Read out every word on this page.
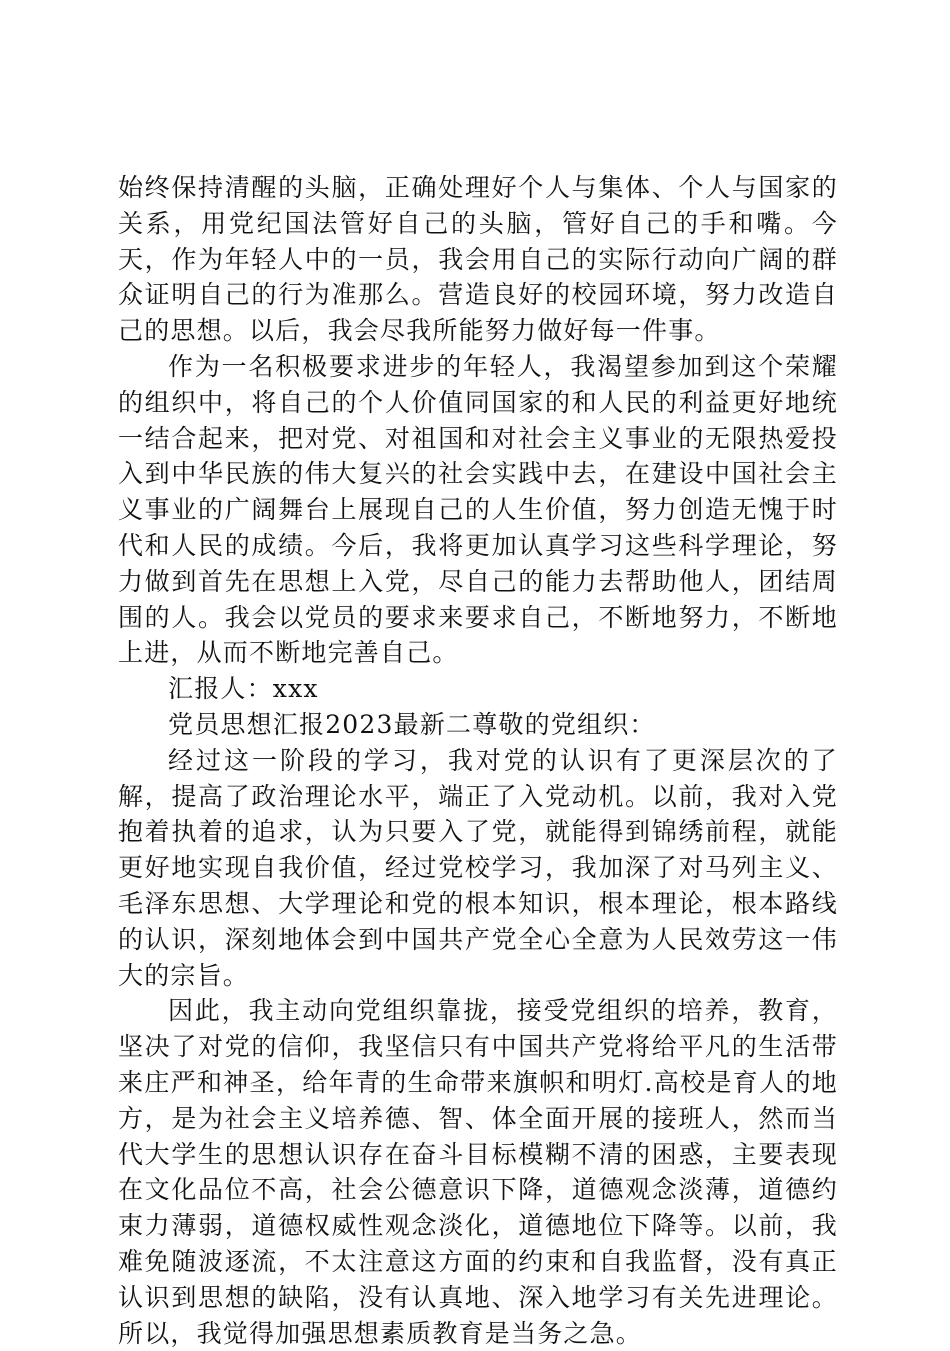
始终保持清醒的头脑，正确处理好个人与集体、个人与国家的关系，用党纪国法管好自己的头脑，管好自己的手和嘴。今天，作为年轻人中的一员，我会用自己的实际行动向广阔的群众证明自己的行为准那么。营造良好的校园环境，努力改造自己的思想。以后，我会尽我所能努力做好每一件事。

作为一名积极要求进步的年轻人，我渴望参加到这个荣耀的组织中，将自己的个人价值同国家的和人民的利益更好地统一结合起来，把对党、对祖国和对社会主义事业的无限热爱投入到中华民族的伟大复兴的社会实践中去，在建设中国社会主义事业的广阔舞台上展现自己的人生价值，努力创造无愧于时代和人民的成绩。今后，我将更加认真学习这些科学理论，努力做到首先在思想上入党，尽自己的能力去帮助他人，团结周围的人。我会以党员的要求来要求自己，不断地努力，不断地上进，从而不断地完善自己。

汇报人：xxx

党员思想汇报2023最新二尊敬的党组织：

经过这一阶段的学习，我对党的认识有了更深层次的了解，提高了政治理论水平，端正了入党动机。以前，我对入党抱着执着的追求，认为只要入了党，就能得到锦绣前程，就能更好地实现自我价值，经过党校学习，我加深了对马列主义、毛泽东思想、大学理论和党的根本知识，根本理论，根本路线的认识，深刻地体会到中国共产党全心全意为人民效劳这一伟大的宗旨。

因此，我主动向党组织靠拢，接受党组织的培养，教育，坚决了对党的信仰，我坚信只有中国共产党将给平凡的生活带来庄严和神圣，给年青的生命带来旗帜和明灯.高校是育人的地方，是为社会主义培养德、智、体全面开展的接班人，然而当代大学生的思想认识存在奋斗目标模糊不清的困惑，主要表现在文化品位不高，社会公德意识下降，道德观念淡薄，道德约束力薄弱，道德权威性观念淡化，道德地位下降等。以前，我难免随波逐流，不太注意这方面的约束和自我监督，没有真正认识到思想的缺陷，没有认真地、深入地学习有关先进理论。所以，我觉得加强思想素质教育是当务之急。
